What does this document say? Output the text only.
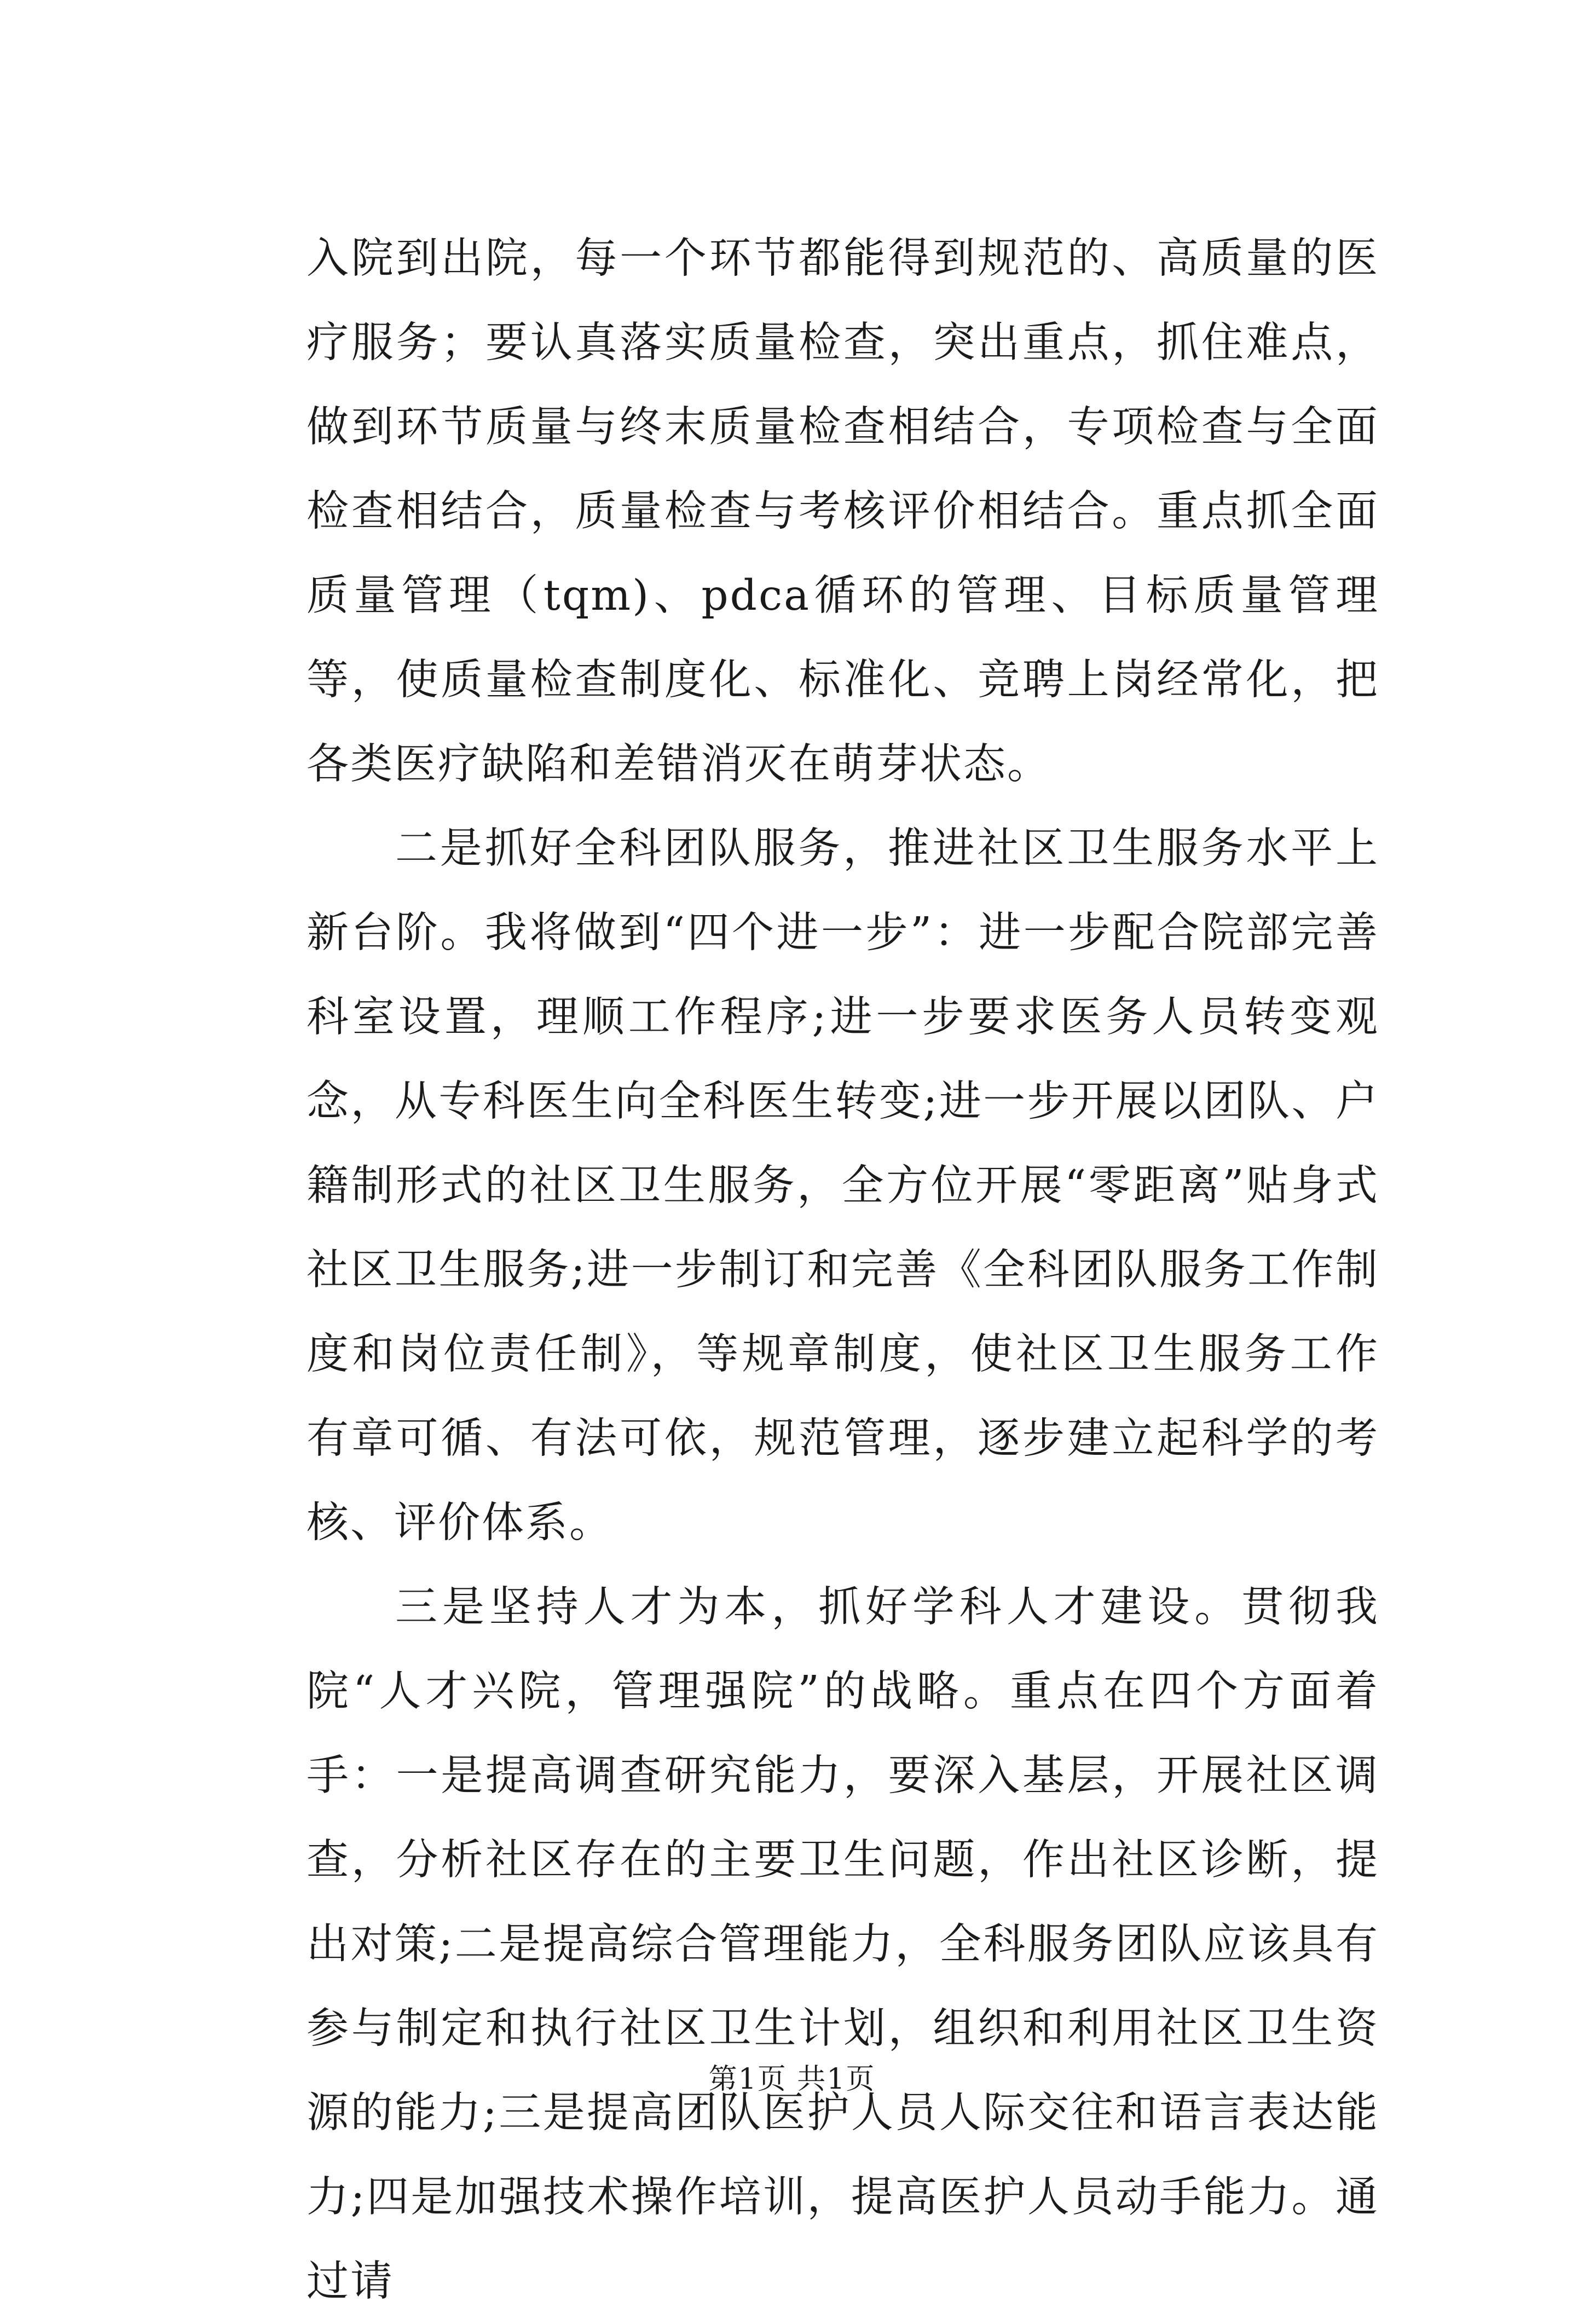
入院到出院，每一个环节都能得到规范的、高质量的医疗服务；要认真落实质量检查，突出重点，抓住难点，做到环节质量与终末质量检查相结合，专项检查与全面检查相结合，质量检查与考核评价相结合。重点抓全面质量管理（tqm)、pdca循环的管理、目标质量管理等，使质量检查制度化、标准化、竞聘上岗经常化，把各类医疗缺陷和差错消灭在萌芽状态。

二是抓好全科团队服务，推进社区卫生服务水平上新台阶。我将做到“四个进一步”：进一步配合院部完善科室设置，理顺工作程序;进一步要求医务人员转变观念，从专科医生向全科医生转变;进一步开展以团队、户籍制形式的社区卫生服务，全方位开展“零距离”贴身式社区卫生服务;进一步制订和完善《全科团队服务工作制度和岗位责任制》，等规章制度，使社区卫生服务工作有章可循、有法可依，规范管理，逐步建立起科学的考核、评价体系。

三是坚持人才为本，抓好学科人才建设。贯彻我院“人才兴院，管理强院”的战略。重点在四个方面着手：一是提高调查研究能力，要深入基层，开展社区调查，分析社区存在的主要卫生问题，作出社区诊断，提出对策;二是提高综合管理能力，全科服务团队应该具有参与制定和执行社区卫生计划，组织和利用社区卫生资源的能力;三是提高团队医护人员人际交往和语言表达能力;四是加强技术操作培训，提高医护人员动手能力。通过请

第1页 共1页
